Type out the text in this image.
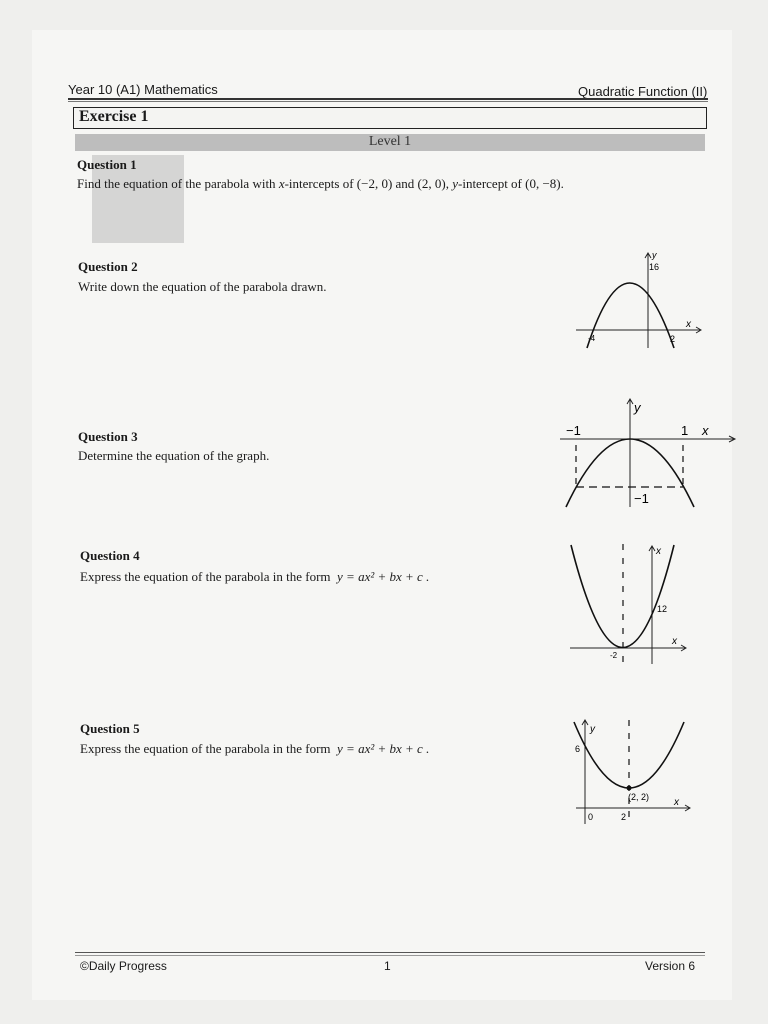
Year 10 (A1) Mathematics	Quadratic Function (II)
Exercise 1
Level 1
Question 1
Find the equation of the parabola with x-intercepts of (−2, 0) and (2, 0), y-intercept of (0, −8).
Question 2
Write down the equation of the parabola drawn.
y
16
x
-4	2
Question 3
Determine the equation of the graph.
y
−1	1 x
−1
Question 4
Express the equation of the parabola in the form y = ax² + bx + c .
x
12
x
-2
Question 5
Express the equation of the parabola in the form y = ax² + bx + c .
y
6
(2, 2) x
0	2
©Daily Progress	1	Version 6
